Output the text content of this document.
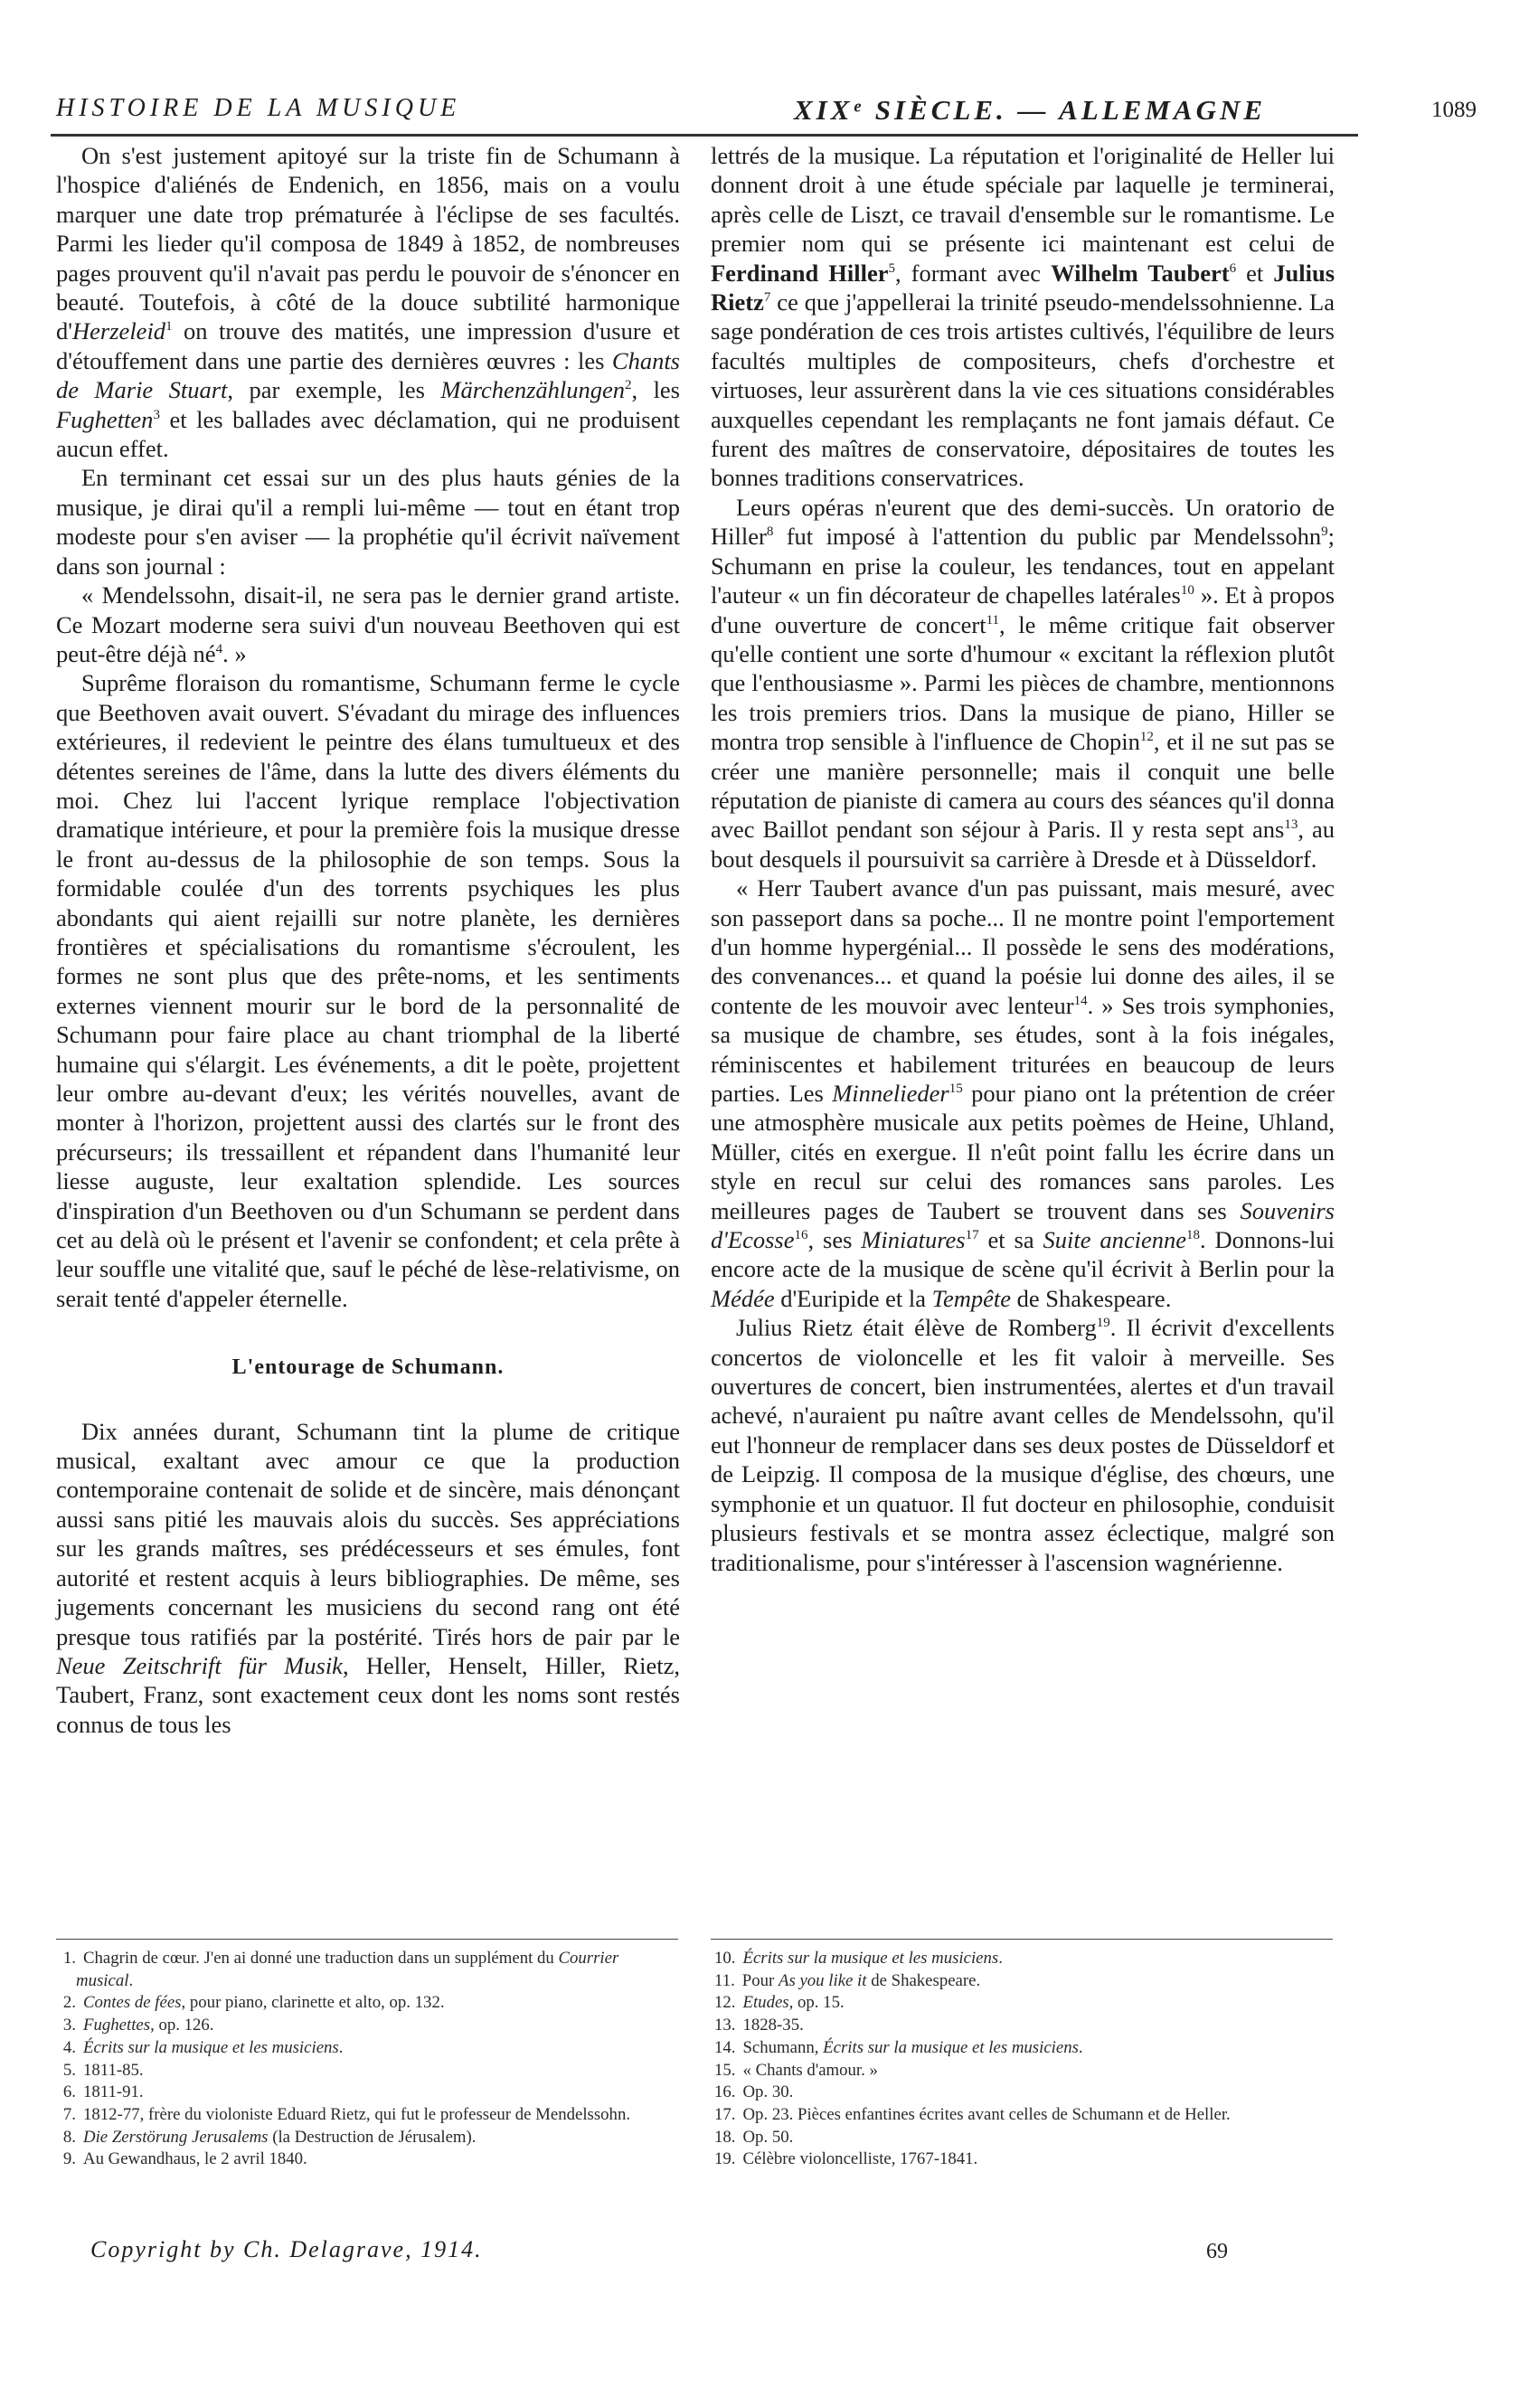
HISTOIRE DE LA MUSIQUE	XIXᵉ SIÈCLE. — ALLEMAGNE	1089

On s'est justement apitoyé sur la triste fin de Schumann à l'hospice d'aliénés de Endenich, en 1856, mais on a voulu marquer une date trop prématurée à l'éclipse de ses facultés. Parmi les lieder qu'il composa de 1849 à 1852, de nombreuses pages prouvent qu'il n'avait pas perdu le pouvoir de s'énoncer en beauté. Toutefois, à côté de la douce subtilité harmonique d'Herzeleid$^1$ on trouve des matités, une impression d'usure et d'étouffement dans une partie des dernières œuvres : les Chants de Marie Stuart, par exemple, les Märchenzählungen$^2$, les Fughetten$^3$ et les ballades avec déclamation, qui ne produisent aucun effet.

En terminant cet essai sur un des plus hauts génies de la musique, je dirai qu'il a rempli lui-même — tout en étant trop modeste pour s'en aviser — la prophétie qu'il écrivit naïvement dans son journal :

« Mendelssohn, disait-il, ne sera pas le dernier grand artiste. Ce Mozart moderne sera suivi d'un nouveau Beethoven qui est peut-être déjà $né^4$. »

Suprême floraison du romantisme, Schumann ferme le cycle que Beethoven avait ouvert. S'évadant du mirage des influences extérieures, il redevient le peintre des élans tumultueux et des détentes sereines de l'âme, dans la lutte des divers éléments du moi. Chez lui l'accent lyrique remplace l'objectivation dramatique intérieure, et pour la première fois la musique dresse le front au-dessus de la philosophie de son temps. Sous la formidable coulée d'un des torrents psychiques les plus abondants qui aient rejailli sur notre planète, les dernières frontières et spécialisations du romantisme s'écroulent, les formes ne sont plus que des prête-noms, et les sentiments externes viennent mourir sur le bord de la personnalité de Schumann pour faire place au chant triomphal de la liberté humaine qui s'élargit. Les événements, a dit le poète, projettent leur ombre au-devant d'eux; les vérités nouvelles, avant de monter à l'horizon, projettent aussi des clartés sur le front des précurseurs; ils tressaillent et répandent dans l'humanité leur liesse auguste, leur exaltation splendide. Les sources d'inspiration d'un Beethoven ou d'un Schumann se perdent dans cet au delà où le présent et l'avenir se confondent; et cela prête à leur souffle une vitalité que, sauf le péché de lèse-relativisme, on serait tenté d'appeler éternelle.

L'entourage de Schumann.

Dix années durant, Schumann tint la plume de critique musical, exaltant avec amour ce que la production contemporaine contenait de solide et de sincère, mais dénonçant aussi sans pitié les mauvais alois du succès. Ses appréciations sur les grands maîtres, ses prédécesseurs et ses émules, font autorité et restent acquis à leurs bibliographies. De même, ses jugements concernant les musiciens du second rang ont été presque tous ratifiés par la postérité. Tirés hors de pair par le Neue Zeitschrift für Musik, Heller, Henselt, Hiller, Rietz, Taubert, Franz, sont exactement ceux dont les noms sont restés connus de tous les

lettrés de la musique. La réputation et l'originalité de Heller lui donnent droit à une étude spéciale par laquelle je terminerai, après celle de Liszt, ce travail d'ensemble sur le romantisme. Le premier nom qui se présente ici maintenant est celui de Ferdinand Hiller$^5$, formant avec Wilhelm Taubert$^6$ et Julius Rietz$^7$ ce que j'appellerai la trinité pseudo-mendelssohnienne. La sage pondération de ces trois artistes cultivés, l'équilibre de leurs facultés multiples de compositeurs, chefs d'orchestre et virtuoses, leur assurèrent dans la vie ces situations considérables auxquelles cependant les remplaçants ne font jamais défaut. Ce furent des maîtres de conservatoire, dépositaires de toutes les bonnes traditions conservatrices.

Leurs opéras n'eurent que des demi-succès. Un oratorio de Hiller$^8$ fut imposé à l'attention du public par Mendelssohn$^9$; Schumann en prise la couleur, les tendances, tout en appelant l'auteur « un fin décorateur de chapelles latérales$^{10}$ ». Et à propos d'une ouverture de concert$^{11}$, le même critique fait observer qu'elle contient une sorte d'humour « excitant la réflexion plutôt que l'enthousiasme ». Parmi les pièces de chambre, mentionnons les trois premiers trios. Dans la musique de piano, Hiller se montra trop sensible à l'influence de Chopin$^{12}$, et il ne sut pas se créer une manière personnelle; mais il conquit une belle réputation de pianiste di camera au cours des séances qu'il donna avec Baillot pendant son séjour à Paris. Il y resta sept ans$^{13}$, au bout desquels il poursuivit sa carrière à Dresde et à Düsseldorf.

« Herr Taubert avance d'un pas puissant, mais mesuré, avec son passeport dans sa poche... Il ne montre point l'emportement d'un homme hypergénial... Il possède le sens des modérations, des convenances... et quand la poésie lui donne des ailes, il se contente de les mouvoir avec lenteur$^{14}$. » Ses trois symphonies, sa musique de chambre, ses études, sont à la fois inégales, réminiscentes et habilement triturées en beaucoup de leurs parties. Les Minnelieder$^{15}$ pour piano ont la prétention de créer une atmosphère musicale aux petits poèmes de Heine, Uhland, Müller, cités en exergue. Il n'eût point fallu les écrire dans un style en recul sur celui des romances sans paroles. Les meilleures pages de Taubert se trouvent dans ses Souvenirs d'Ecosse$^{16}$, ses Miniatures$^{17}$ et sa Suite ancienne$^{18}$. Donnons-lui encore acte de la musique de scène qu'il écrivit à Berlin pour la Médée d'Euripide et la Tempête de Shakespeare.

Julius Rietz était élève de Romberg$^{19}$. Il écrivit d'excellents concertos de violoncelle et les fit valoir à merveille. Ses ouvertures de concert, bien instrumentées, alertes et d'un travail achevé, n'auraient pu naître avant celles de Mendelssohn, qu'il eut l'honneur de remplacer dans ses deux postes de Düsseldorf et de Leipzig. Il composa de la musique d'église, des chœurs, une symphonie et un quatuor. Il fut docteur en philosophie, conduisit plusieurs festivals et se montra assez éclectique, malgré son traditionalisme, pour s'intéresser à l'ascension wagnérienne.

1. Chagrin de cœur. J'en ai donné une traduction dans un supplément du Courrier musical.
2. Contes de fées, pour piano, clarinette et alto, op. 132.
3. Fughettes, op. 126.
4. Écrits sur la musique et les musiciens.
5. 1811-85.
6. 1811-91.
7. 1812-77, frère du violoniste Eduard Rietz, qui fut le professeur de Mendelssohn.
8. Die Zerstörung Jerusalems (la Destruction de Jérusalem).
9. Au Gewandhaus, le 2 avril 1840.
10. Écrits sur la musique et les musiciens.
11. Pour As you like it de Shakespeare.
12. Etudes, op. 15.
13. 1828-35.
14. Schumann, Écrits sur la musique et les musiciens.
15. « Chants d'amour. »
16. Op. 30.
17. Op. 23. Pièces enfantines écrites avant celles de Schumann et de Heller.
18. Op. 50.
19. Célèbre violoncelliste, 1767-1841.
Copyright by Ch. Delagrave, 1914.	69
